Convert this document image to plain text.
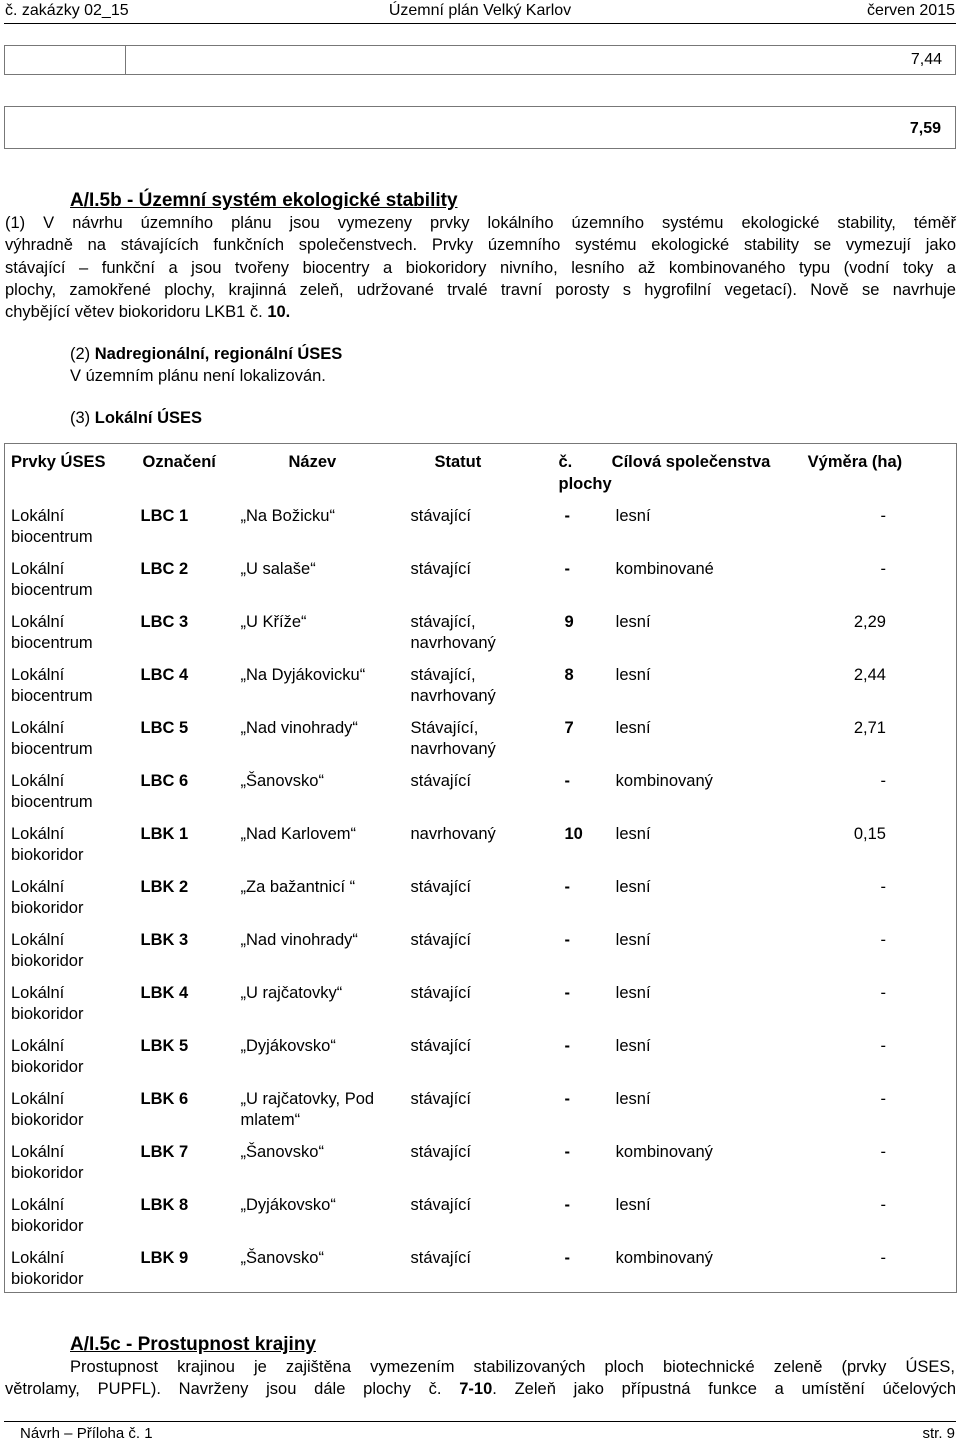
č. zakázky 02_15	Územní plán Velký Karlov	červen 2015
7,44
7,59
A/I.5b - Územní systém ekologické stability
(1) V návrhu územního plánu jsou vymezeny prvky lokálního územního systému ekologické stability, téměř
výhradně na stávajících funkčních společenstvech. Prvky územního systému ekologické stability se vymezují jako
stávající – funkční a jsou tvořeny biocentry a biokoridory nivního, lesního až kombinovaného typu (vodní toky a
plochy, zamokřené plochy, krajinná zeleň, udržované trvalé travní porosty s hygrofilní vegetací). Nově se navrhuje
chybějící větev biokoridoru LKB1 č. 10.
(2) Nadregionální, regionální ÚSES
V územním plánu není lokalizován.
(3) Lokální ÚSES
Prvky ÚSES	Označení	Název	Statut	č. plochy	Cílová společenstva	Výměra (ha)
Lokální biocentrum	LBC 1	„Na Božicku“	stávající	-	lesní	-
Lokální biocentrum	LBC 2	„U salaše“	stávající	-	kombinované	-
Lokální biocentrum	LBC 3	„U Kříže“	stávající, navrhovaný	9	lesní	2,29
Lokální biocentrum	LBC 4	„Na Dyjákovicku“	stávající, navrhovaný	8	lesní	2,44
Lokální biocentrum	LBC 5	„Nad vinohrady“	Stávající, navrhovaný	7	lesní	2,71
Lokální biocentrum	LBC 6	„Šanovsko“	stávající	-	kombinovaný	-
Lokální biokoridor	LBK 1	„Nad Karlovem“	navrhovaný	10	lesní	0,15
Lokální biokoridor	LBK 2	„Za bažantnicí “	stávající	-	lesní	-
Lokální biokoridor	LBK 3	„Nad vinohrady“	stávající	-	lesní	-
Lokální biokoridor	LBK 4	„U rajčatovky“	stávající	-	lesní	-
Lokální biokoridor	LBK 5	„Dyjákovsko“	stávající	-	lesní	-
Lokální biokoridor	LBK 6	„U rajčatovky, Pod mlatem“	stávající	-	lesní	-
Lokální biokoridor	LBK 7	„Šanovsko“	stávající	-	kombinovaný	-
Lokální biokoridor	LBK 8	„Dyjákovsko“	stávající	-	lesní	-
Lokální biokoridor	LBK 9	„Šanovsko“	stávající	-	kombinovaný	-
A/I.5c - Prostupnost krajiny
Prostupnost krajinou je zajištěna vymezením stabilizovaných ploch biotechnické zeleně (prvky ÚSES,
větrolamy, PUPFL). Navrženy jsou dále plochy č. 7-10. Zeleň jako přípustná funkce a umístění účelových
Návrh – Příloha č. 1	str. 9
